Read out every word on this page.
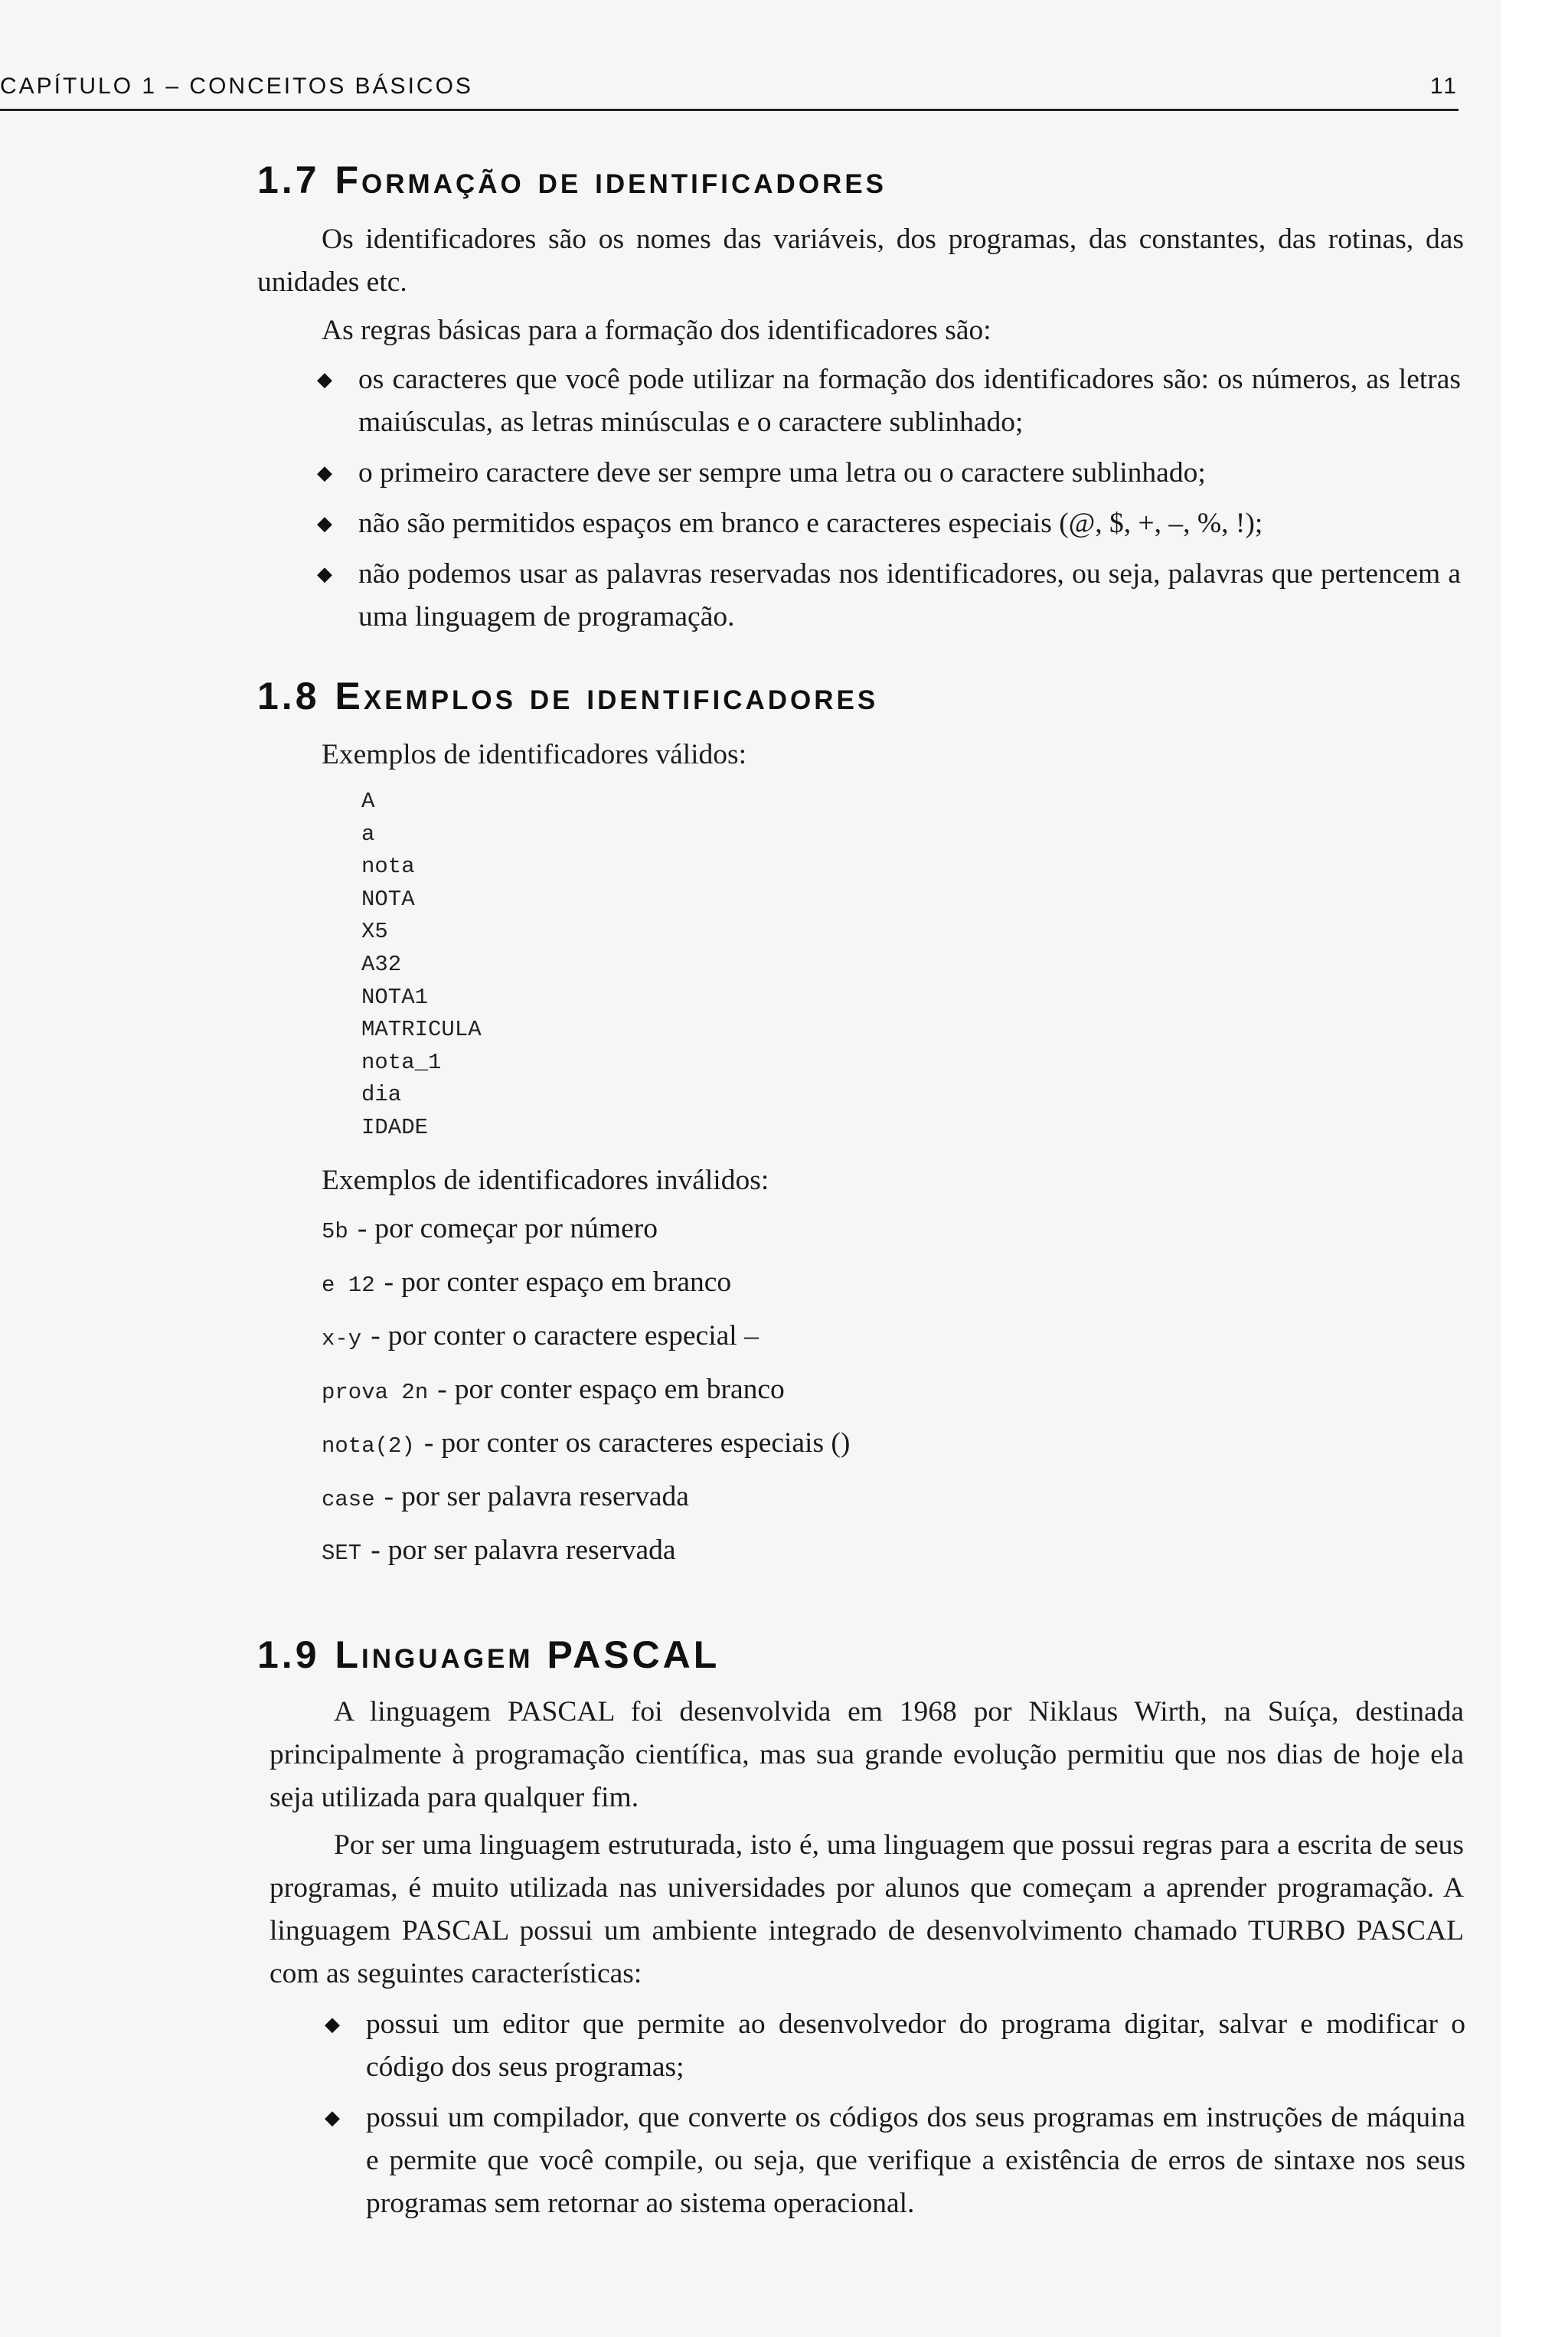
CAPÍTULO 1 – CONCEITOS BÁSICOS	11
1.7 Formação de identificadores

Os identificadores são os nomes das variáveis, dos programas, das constantes, das rotinas, das unidades etc.

As regras básicas para a formação dos identificadores são:

◆ os caracteres que você pode utilizar na formação dos identificadores são: os números, as letras maiúsculas, as letras minúsculas e o caractere sublinhado;
◆ o primeiro caractere deve ser sempre uma letra ou o caractere sublinhado;
◆ não são permitidos espaços em branco e caracteres especiais (@, $, +, –, %, !);
◆ não podemos usar as palavras reservadas nos identificadores, ou seja, palavras que pertencem a uma linguagem de programação.
1.8 Exemplos de identificadores

Exemplos de identificadores válidos:

A
a
nota
NOTA
X5
A32
NOTA1
MATRICULA
nota_1
dia
IDADE

Exemplos de identificadores inválidos:

5b - por começar por número
e 12 - por conter espaço em branco
x-y - por conter o caractere especial –
prova 2n - por conter espaço em branco
nota(2) - por conter os caracteres especiais ()
case - por ser palavra reservada
SET - por ser palavra reservada
1.9 Linguagem PASCAL

A linguagem PASCAL foi desenvolvida em 1968 por Niklaus Wirth, na Suíça, destinada principalmente à programação científica, mas sua grande evolução permitiu que nos dias de hoje ela seja utilizada para qualquer fim.

Por ser uma linguagem estruturada, isto é, uma linguagem que possui regras para a escrita de seus programas, é muito utilizada nas universidades por alunos que começam a aprender programação. A linguagem PASCAL possui um ambiente integrado de desenvolvimento chamado TURBO PASCAL com as seguintes características:

◆ possui um editor que permite ao desenvolvedor do programa digitar, salvar e modificar o código dos seus programas;
◆ possui um compilador, que converte os códigos dos seus programas em instruções de máquina e permite que você compile, ou seja, que verifique a existência de erros de sintaxe nos seus programas sem retornar ao sistema operacional.
